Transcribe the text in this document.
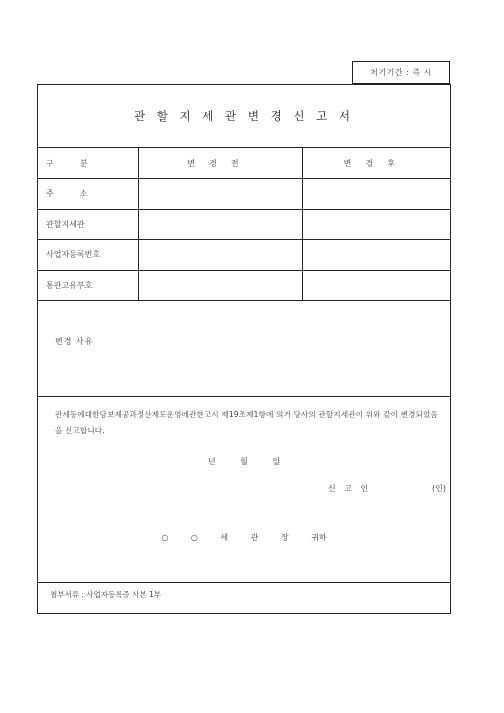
처기기간 : 즉 시
관 할 지 세 관 변 경 신 고 서
구분	변경전	변경후
주소		
관할지세관		
사업자등록번호		
통관고유부호		
변경 사유
관세등에대한담보제공과정산제도운영에관한고시 제19조제1항에 의거 당사의 관할지세관이 위와 같이 변경되었음을 신고합니다.
년 월 일
신 고 인	(인)
○ ○ 세 관 장 귀하
첨부서류 : 사업자등록증 사본 1부
